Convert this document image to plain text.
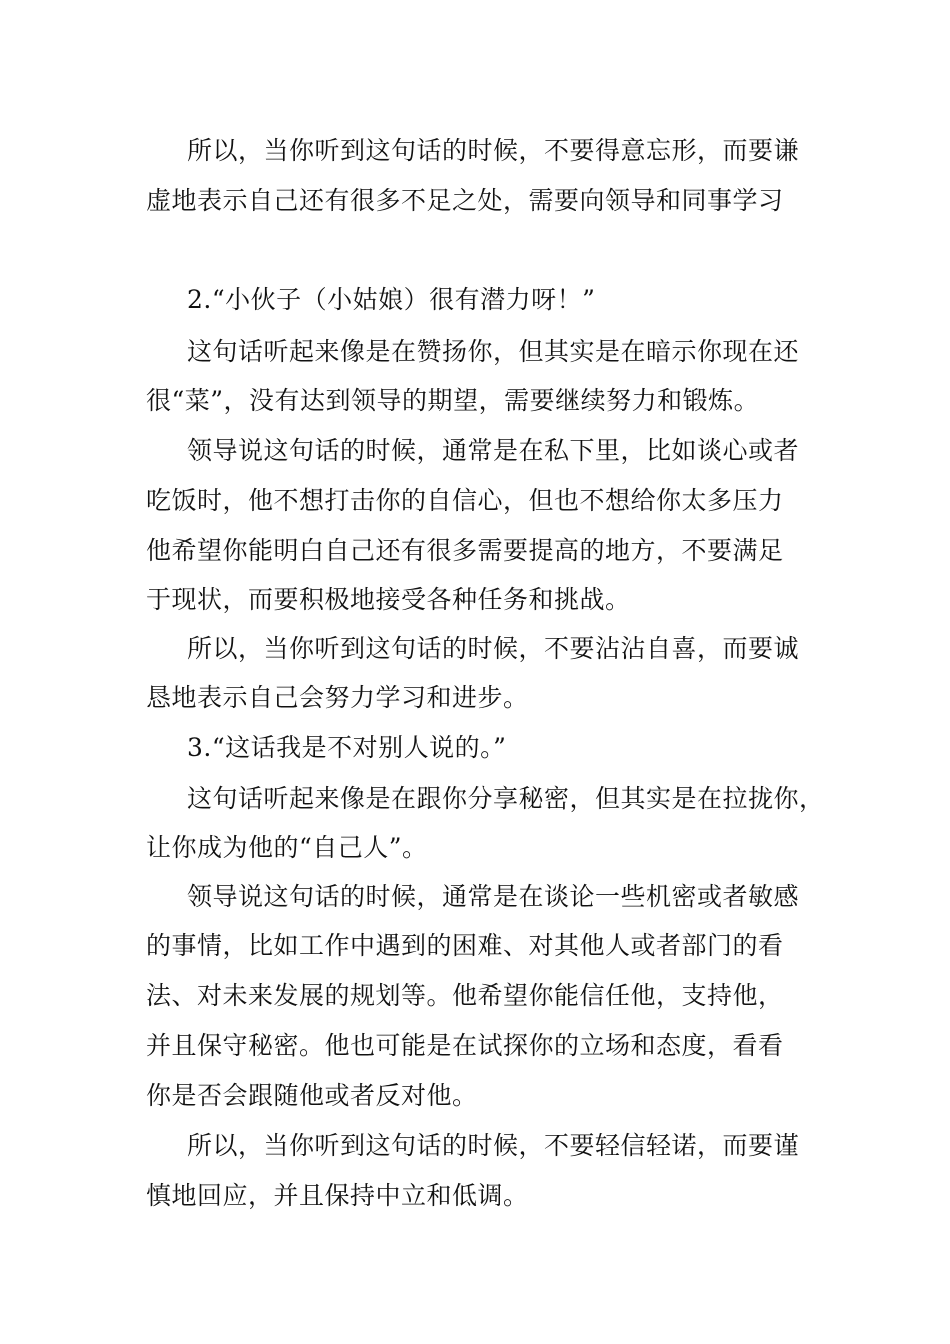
所以，当你听到这句话的时候，不要得意忘形，而要谦
虚地表示自己还有很多不足之处，需要向领导和同事学习
2.“小伙子（小姑娘）很有潜力呀！”
这句话听起来像是在赞扬你，但其实是在暗示你现在还
很“菜”，没有达到领导的期望，需要继续努力和锻炼。
领导说这句话的时候，通常是在私下里，比如谈心或者
吃饭时，他不想打击你的自信心，但也不想给你太多压力
他希望你能明白自己还有很多需要提高的地方，不要满足
于现状，而要积极地接受各种任务和挑战。
所以，当你听到这句话的时候，不要沾沾自喜，而要诚
恳地表示自己会努力学习和进步。
3.“这话我是不对别人说的。”
这句话听起来像是在跟你分享秘密，但其实是在拉拢你，
让你成为他的“自己人”。
领导说这句话的时候，通常是在谈论一些机密或者敏感
的事情，比如工作中遇到的困难、对其他人或者部门的看
法、对未来发展的规划等。他希望你能信任他，支持他，
并且保守秘密。他也可能是在试探你的立场和态度，看看
你是否会跟随他或者反对他。
所以，当你听到这句话的时候，不要轻信轻诺，而要谨
慎地回应，并且保持中立和低调。
